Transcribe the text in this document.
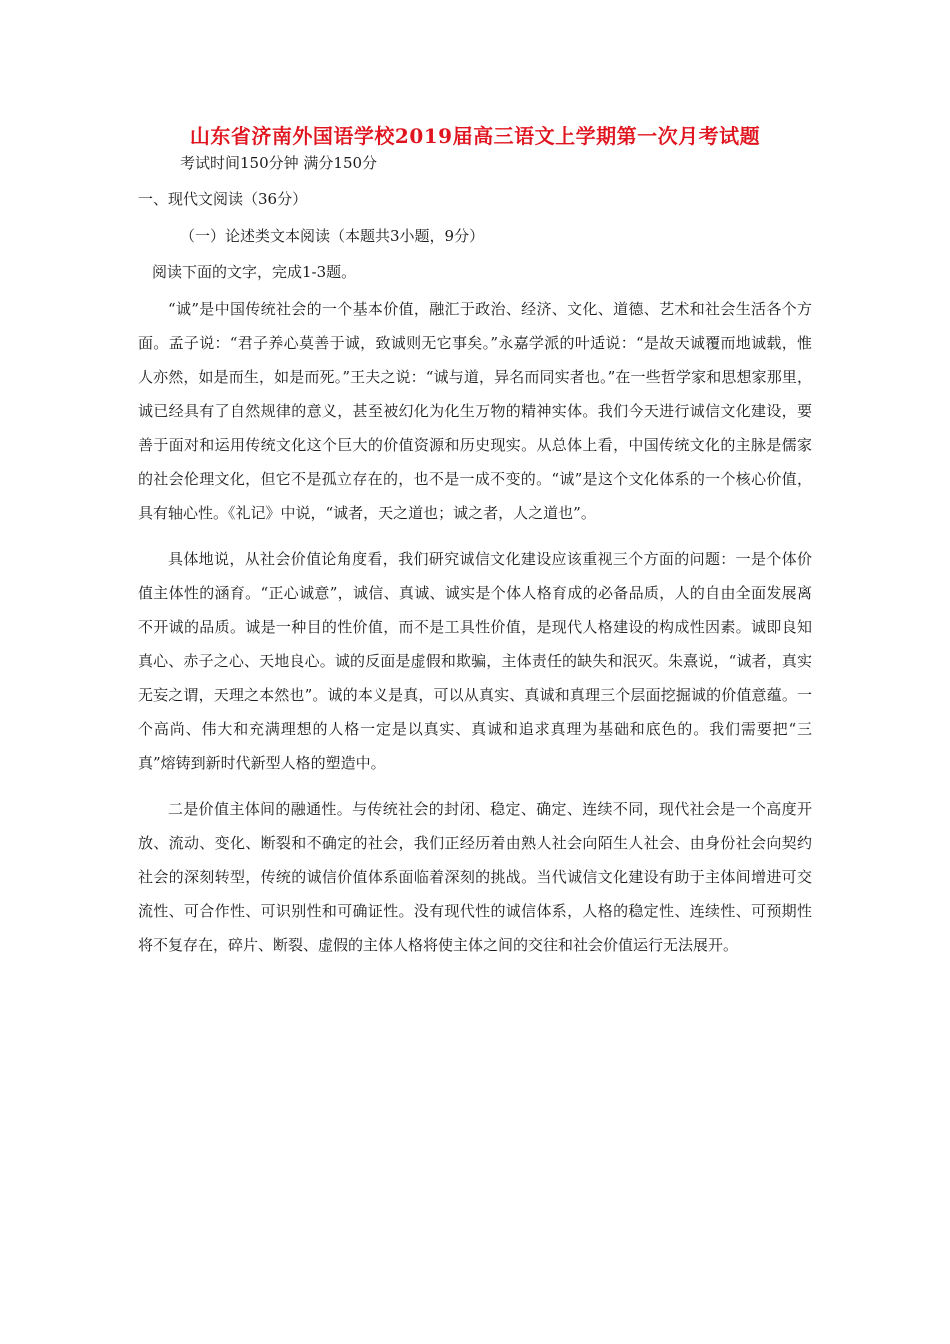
山东省济南外国语学校2019届高三语文上学期第一次月考试题
考试时间150分钟 满分150分
一、现代文阅读（36分）
（一）论述类文本阅读（本题共3小题，9分）
阅读下面的文字，完成1-3题。

“诚”是中国传统社会的一个基本价值，融汇于政治、经济、文化、道德、艺术和社会生活各个方面。孟子说：“君子养心莫善于诚，致诚则无它事矣。”永嘉学派的叶适说：“是故天诚覆而地诚载，惟人亦然，如是而生，如是而死。”王夫之说：“诚与道，异名而同实者也。”在一些哲学家和思想家那里，诚已经具有了自然规律的意义，甚至被幻化为化生万物的精神实体。我们今天进行诚信文化建设，要善于面对和运用传统文化这个巨大的价值资源和历史现实。从总体上看，中国传统文化的主脉是儒家的社会伦理文化，但它不是孤立存在的，也不是一成不变的。“诚”是这个文化体系的一个核心价值，具有轴心性。《礼记》中说，“诚者，天之道也；诚之者，人之道也”。

具体地说，从社会价值论角度看，我们研究诚信文化建设应该重视三个方面的问题：一是个体价值主体性的涵育。“正心诚意”，诚信、真诚、诚实是个体人格育成的必备品质，人的自由全面发展离不开诚的品质。诚是一种目的性价值，而不是工具性价值，是现代人格建设的构成性因素。诚即良知真心、赤子之心、天地良心。诚的反面是虚假和欺骗，主体责任的缺失和泯灭。朱熹说，“诚者，真实无妄之谓，天理之本然也”。诚的本义是真，可以从真实、真诚和真理三个层面挖掘诚的价值意蕴。一个高尚、伟大和充满理想的人格一定是以真实、真诚和追求真理为基础和底色的。我们需要把“三真”熔铸到新时代新型人格的塑造中。

二是价值主体间的融通性。与传统社会的封闭、稳定、确定、连续不同，现代社会是一个高度开放、流动、变化、断裂和不确定的社会，我们正经历着由熟人社会向陌生人社会、由身份社会向契约社会的深刻转型，传统的诚信价值体系面临着深刻的挑战。当代诚信文化建设有助于主体间增进可交流性、可合作性、可识别性和可确证性。没有现代性的诚信体系，人格的稳定性、连续性、可预期性将不复存在，碎片、断裂、虚假的主体人格将使主体之间的交往和社会价值运行无法展开。
